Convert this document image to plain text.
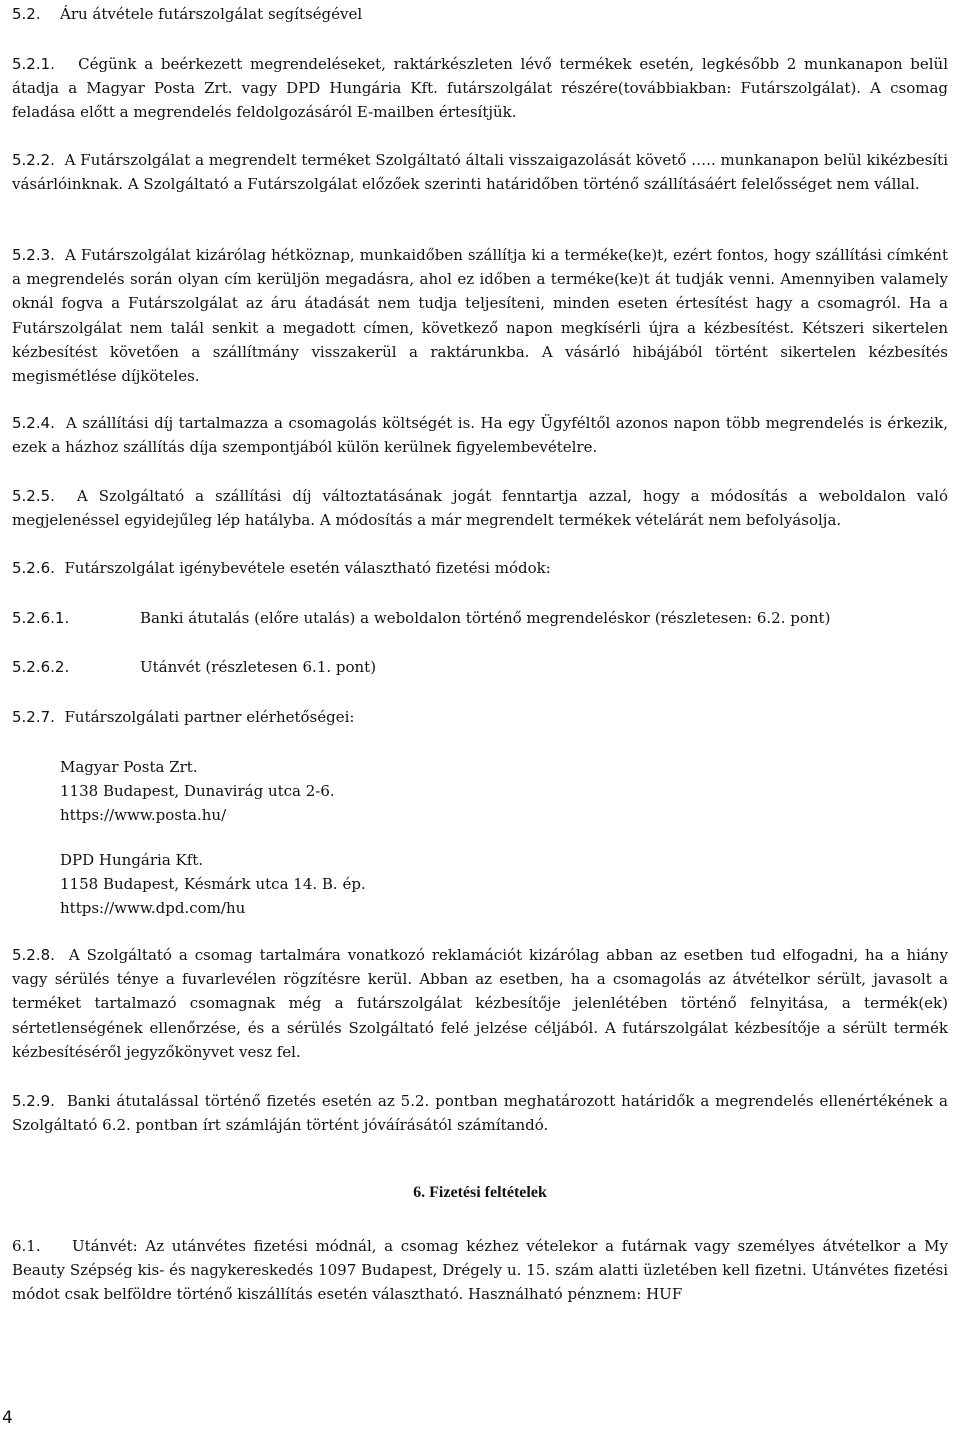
5.2. Áru átvétele futárszolgálat segítségével

5.2.1. Cégünk a beérkezett megrendeléseket, raktárkészleten lévő termékek esetén, legkésőbb 2 munkanapon belül átadja a Magyar Posta Zrt. vagy DPD Hungária Kft. futárszolgálat részére(továbbiakban: Futárszolgálat). A csomag feladása előtt a megrendelés feldolgozásáról E-mailben értesítjük.

5.2.2. A Futárszolgálat a megrendelt terméket Szolgáltató általi visszaigazolását követő ….. munkanapon belül kikézbesíti vásárlóinknak. A Szolgáltató a Futárszolgálat előzőek szerinti határidőben történő szállításáért felelősséget nem vállal.

5.2.3. A Futárszolgálat kizárólag hétköznap, munkaidőben szállítja ki a terméke(ke)t, ezért fontos, hogy szállítási címként a megrendelés során olyan cím kerüljön megadásra, ahol ez időben a terméke(ke)t át tudják venni. Amennyiben valamely oknál fogva a Futárszolgálat az áru átadását nem tudja teljesíteni, minden eseten értesítést hagy a csomagról. Ha a Futárszolgálat nem talál senkit a megadott címen, következő napon megkísérli újra a kézbesítést. Kétszeri sikertelen kézbesítést követően a szállítmány visszakerül a raktárunkba. A vásárló hibájából történt sikertelen kézbesítés megismétlése díjköteles.

5.2.4. A szállítási díj tartalmazza a csomagolás költségét is. Ha egy Ügyféltől azonos napon több megrendelés is érkezik, ezek a házhoz szállítás díja szempontjából külön kerülnek figyelembevételre.

5.2.5. A Szolgáltató a szállítási díj változtatásának jogát fenntartja azzal, hogy a módosítás a weboldalon való megjelenéssel egyidejűleg lép hatályba. A módosítás a már megrendelt termékek vételárát nem befolyásolja.

5.2.6. Futárszolgálat igénybevétele esetén választható fizetési módok:

5.2.6.1.	Banki átutalás (előre utalás) a weboldalon történő megrendeléskor (részletesen: 6.2. pont)
5.2.6.2.	Utánvét (részletesen 6.1. pont)

5.2.7. Futárszolgálati partner elérhetőségei:

Magyar Posta Zrt.
1138 Budapest, Dunavirág utca 2-6.
https://www.posta.hu/
DPD Hungária Kft.
1158 Budapest, Késmárk utca 14. B. ép.
https://www.dpd.com/hu

5.2.8. A Szolgáltató a csomag tartalmára vonatkozó reklamációt kizárólag abban az esetben tud elfogadni, ha a hiány vagy sérülés ténye a fuvarlevélen rögzítésre kerül. Abban az esetben, ha a csomagolás az átvételkor sérült, javasolt a terméket tartalmazó csomagnak még a futárszolgálat kézbesítője jelenlétében történő felnyitása, a termék(ek) sértetlenségének ellenőrzése, és a sérülés Szolgáltató felé jelzése céljából. A futárszolgálat kézbesítője a sérült termék kézbesítéséről jegyzőkönyvet vesz fel.

5.2.9. Banki átutalással történő fizetés esetén az 5.2. pontban meghatározott határidők a megrendelés ellenértékének a Szolgáltató 6.2. pontban írt számláján történt jóváírásától számítandó.

6. Fizetési feltételek

6.1. Utánvét: Az utánvétes fizetési módnál, a csomag kézhez vételekor a futárnak vagy személyes átvételkor a My Beauty Szépség kis- és nagykereskedés 1097 Budapest, Drégely u. 15. szám alatti üzletében kell fizetni. Utánvétes fizetési módot csak belföldre történő kiszállítás esetén választható. Használható pénznem: HUF

4
